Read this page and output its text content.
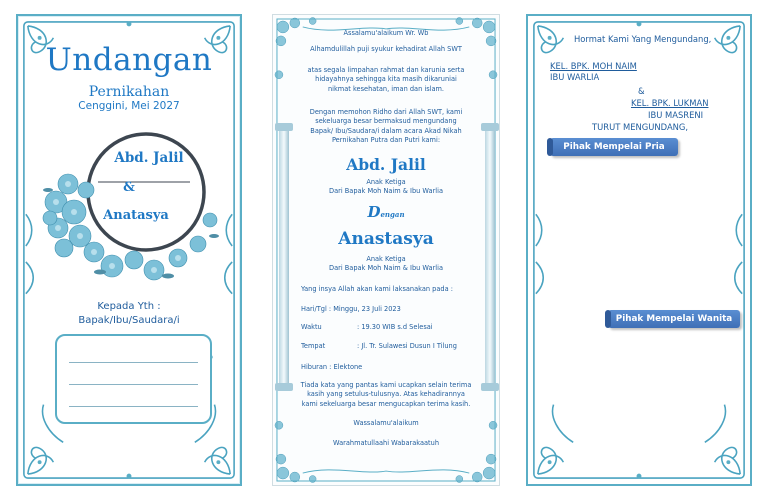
Undangan
Pernikahan
Cenggini, Mei 2027
Abd. Jalil
&
Anatasya
Kepada Yth :
Bapak/Ibu/Saudara/i
Assalamu'alaikum Wr. Wb
Alhamdulillah puji syukur kehadirat Allah SWT
atas segala limpahan rahmat dan karunia serta hidayahnya sehingga kita masih dikaruniai nikmat kesehatan, iman dan islam.
Dengan memohon Ridho dari Allah SWT, kami sekeluarga besar bermaksud mengundang Bapak/ Ibu/Saudara/i dalam acara Akad Nikah Pernikahan Putra dan Putri kami:
Abd. Jalil
Anak Ketiga
Dari Bapak Moh Naim & Ibu Warlia
Dengan
Anastasya
Anak Ketiga
Dari Bapak Moh Naim & Ibu Warlia
Yang insya Allah akan kami laksanakan pada :
Hari/Tgl : Minggu, 23 Juli 2023
Waktu	: 19.30 WIB s.d Selesai
Tempat	: Jl. Tr. Sulawesi Dusun I Tilung
Hiburan : Elektone
Tiada kata yang pantas kami ucapkan selain terima kasih yang setulus-tulusnya. Atas kehadirannya kami sekeluarga besar mengucapkan terima kasih.
Wassalamu'alaikum
Warahmatullaahi Wabarakaatuh
Hormat Kami Yang Mengundang,
KEL. BPK. MOH NAIM
IBU WARLIA
&
KEL. BPK. LUKMAN
IBU MASRENI
TURUT MENGUNDANG,
Pihak Mempelai Pria
Pihak Mempelai Wanita
